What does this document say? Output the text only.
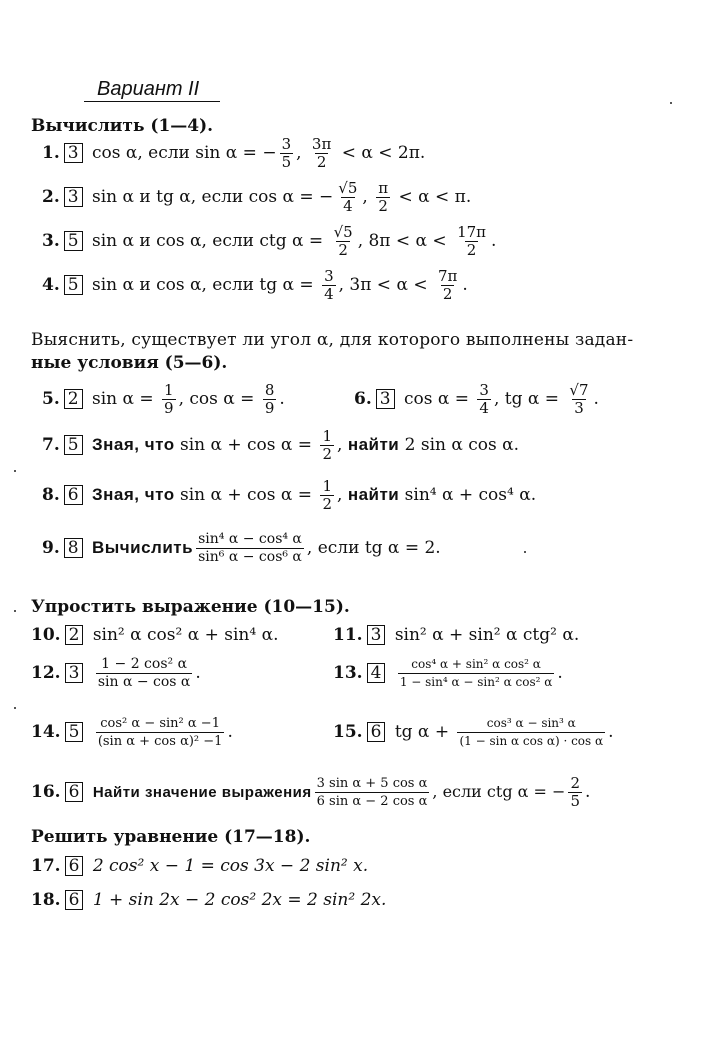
Вариант II
Вычислить (1—4).
1. 3 cos α, если sin α = − $\frac{3}{5}$ , $\frac{3\pi}{2} < \alpha < 2\pi$.
2. 3 sin α и tg α, если cos α = − $\frac{√5}{4}$ , $\frac{\pi}{2} < \alpha < \pi$.
3. 5 sin α и cos α, если ctg $\alpha = \frac{√5}{2}$ , $8\pi < \alpha < \frac{17\pi}{2}$ .
4. 5 sin α и cos α, если tg $\alpha = \frac{3}{4}$ , $3\pi < \alpha < \frac{7\pi}{2}$ .
Выяснить, существует ли угол α, для которого выполнены задан-
ные условия (5—6).
5. 2 $\sin \alpha = \frac{1}{9}$ , $\cos \alpha = \frac{8}{9}$ .	6. 3 $\cos \alpha = \frac{3}{4}$ , tg $\alpha = \frac{√7}{3}$ .
7. 5 Зная, что $\sin \alpha + \cos \alpha = \frac{1}{2}$ , найти 2 sin α cos α.
8. 6 Зная, что $\sin \alpha + \cos \alpha = \frac{1}{2}$ , найти sin⁴ α + cos⁴ α.
9. 8 Вычислить $\frac{\text{sin⁴ α − cos⁴ α}}{\text{sin⁶ α − cos⁶ α}}$ , если tg α = 2.
Упростить выражение (10—15).
10. 2 sin² α cos² α + sin⁴ α.	11. 3 sin² α + sin² α ctg² α.
12. $3 \frac{\text{1 − 2 cos² α}}{\text{sin α − cos α}}$ .	13. $4 \frac{\text{cos⁴ α + sin² α cos² α}}{\text{1 − sin⁴ α − sin² α cos² α}}$ .
14. $5 \frac{\text{cos² α − sin² α −1}}{\text{(sin α + cos α)² −1}}$ .	15. 6 tg $\alpha + \frac{\text{cos³ α − sin³ α}}{\text{(1 − sin α cos α) · cos α}}$ .
16. 6 Найти значение выражения $\frac{\text{3 sin α + 5 cos α}}{\text{6 sin α − 2 cos α}}$ , если ctg α = − $\frac{2}{5}$ .
Решить уравнение (17—18).
17. 6 2 cos² x − 1 = cos 3x − 2 sin² x.
18. 6 1 + sin 2x − 2 cos² 2x = 2 sin² 2x.
